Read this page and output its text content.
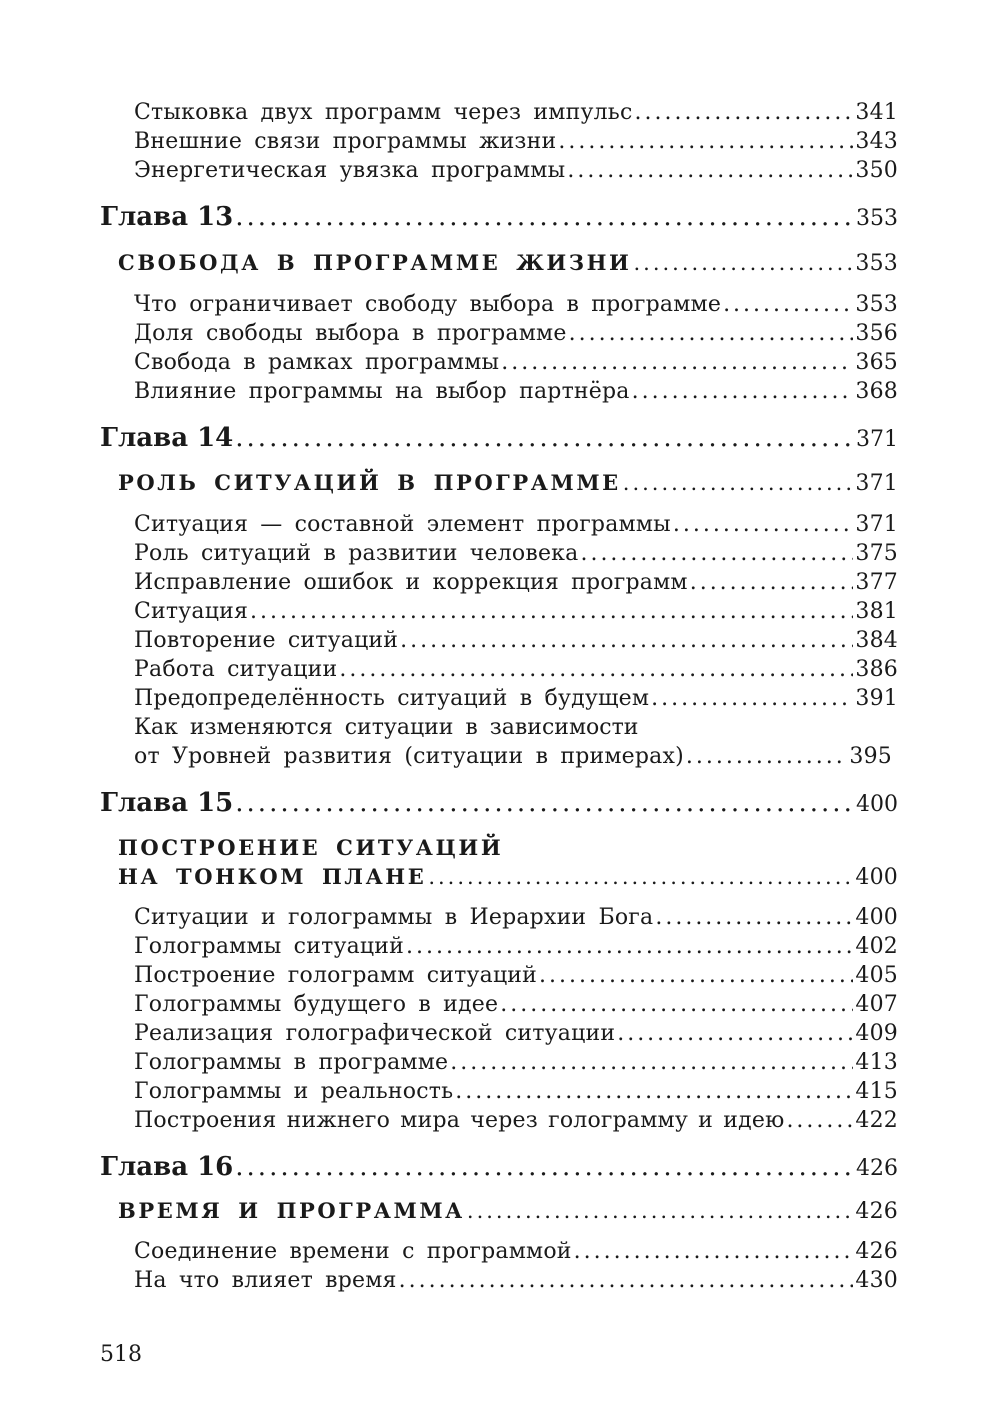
Стыковка двух программ через импульс .....	341
Внешние связи программы жизни .....	343
Энергетическая увязка программы .....	350
Глава 13 .....	353
СВОБОДА В ПРОГРАММЕ ЖИЗНИ .....	353
Что ограничивает свободу выбора в программе .....	353
Доля свободы выбора в программе .....	356
Свобода в рамках программы .....	365
Влияние программы на выбор партнёра .....	368
Глава 14 .....	371
РОЛЬ СИТУАЦИЙ В ПРОГРАММЕ .....	371
Ситуация — составной элемент программы .....	371
Роль ситуаций в развитии человека .....	375
Исправление ошибок и коррекция программ .....	377
Ситуация .....	381
Повторение ситуаций .....	384
Работа ситуации .....	386
Предопределённость ситуаций в будущем .....	391
Как изменяются ситуации в зависимости
от Уровней развития (ситуации в примерах) .....	395
Глава 15 .....	400
ПОСТРОЕНИЕ СИТУАЦИЙ
НА ТОНКОМ ПЛАНЕ .....	400
Ситуации и голограммы в Иерархии Бога .....	400
Голограммы ситуаций .....	402
Построение голограмм ситуаций .....	405
Голограммы будущего в идее .....	407
Реализация голографической ситуации .....	409
Голограммы в программе .....	413
Голограммы и реальность .....	415
Построения нижнего мира через голограмму и идею .....	422
Глава 16 .....	426
ВРЕМЯ И ПРОГРАММА .....	426
Соединение времени с программой .....	426
На что влияет время .....	430
518
